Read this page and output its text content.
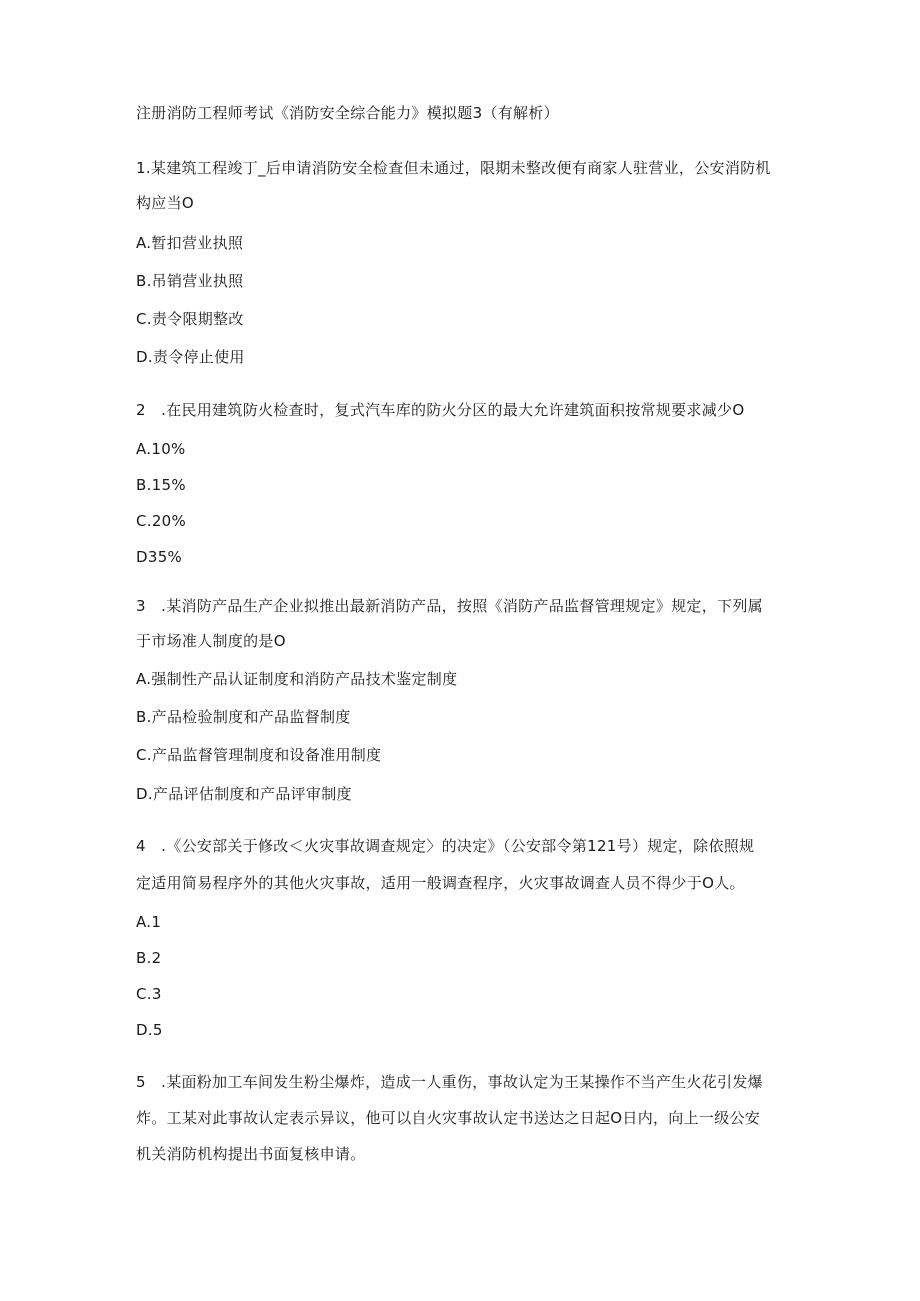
注册消防工程师考试《消防安全综合能力》模拟题3（有解析）
1.某建筑工程竣丁_后申请消防安全检查但未通过，限期未整改便有商家人驻营业，公安消防机
构应当O
A.暂扣营业执照
B.吊销营业执照
C.责令限期整改
D.责令停止使用
2　.在民用建筑防火检查时，复式汽车库的防火分区的最大允许建筑面积按常规要求减少O
A.10%
B.15%
C.20%
D35%
3　.某消防产品生产企业拟推出最新消防产品，按照《消防产品监督管理规定》规定，下列属
于市场准人制度的是O
A.强制性产品认证制度和消防产品技术鉴定制度
B.产品检验制度和产品监督制度
C.产品监督管理制度和设备准用制度
D.产品评估制度和产品评审制度
4　.《公安部关于修改＜火灾事故调查规定〉的决定》（公安部令第121号）规定，除依照规
定适用简易程序外的其他火灾事故，适用一般调查程序，火灾事故调查人员不得少于O人。
A.1
B.2
C.3
D.5
5　.某面粉加工车间发生粉尘爆炸，造成一人重伤，事故认定为王某操作不当产生火花引发爆
炸。工某对此事故认定表示异议，他可以自火灾事故认定书送达之日起O日内，向上一级公安
机关消防机构提出书面复核申请。
